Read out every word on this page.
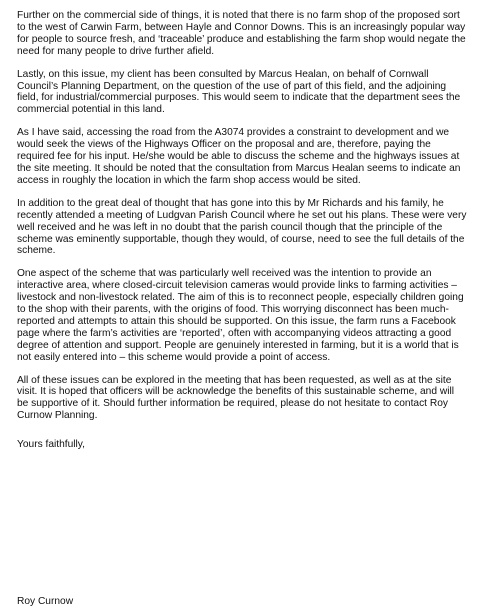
Further on the commercial side of things, it is noted that there is no farm shop of the proposed sort to the west of Carwin Farm, between Hayle and Connor Downs. This is an increasingly popular way for people to source fresh, and ‘traceable’ produce and establishing the farm shop would negate the need for many people to drive further afield.

Lastly, on this issue, my client has been consulted by Marcus Healan, on behalf of Cornwall Council’s Planning Department, on the question of the use of part of this field, and the adjoining field, for industrial/commercial purposes. This would seem to indicate that the department sees the commercial potential in this land.

As I have said, accessing the road from the A3074 provides a constraint to development and we would seek the views of the Highways Officer on the proposal and are, therefore, paying the required fee for his input. He/she would be able to discuss the scheme and the highways issues at the site meeting. It should be noted that the consultation from Marcus Healan seems to indicate an access in roughly the location in which the farm shop access would be sited.

In addition to the great deal of thought that has gone into this by Mr Richards and his family, he recently attended a meeting of Ludgvan Parish Council where he set out his plans. These were very well received and he was left in no doubt that the parish council though that the principle of the scheme was eminently supportable, though they would, of course, need to see the full details of the scheme.

One aspect of the scheme that was particularly well received was the intention to provide an interactive area, where closed-circuit television cameras would provide links to farming activities – livestock and non-livestock related. The aim of this is to reconnect people, especially children going to the shop with their parents, with the origins of food. This worrying disconnect has been much-reported and attempts to attain this should be supported. On this issue, the farm runs a Facebook page where the farm’s activities are ‘reported’, often with accompanying videos attracting a good degree of attention and support. People are genuinely interested in farming, but it is a world that is not easily entered into – this scheme would provide a point of access.

All of these issues can be explored in the meeting that has been requested, as well as at the site visit. It is hoped that officers will be acknowledge the benefits of this sustainable scheme, and will be supportive of it. Should further information be required, please do not hesitate to contact Roy Curnow Planning.

Yours faithfully,

Roy Curnow
